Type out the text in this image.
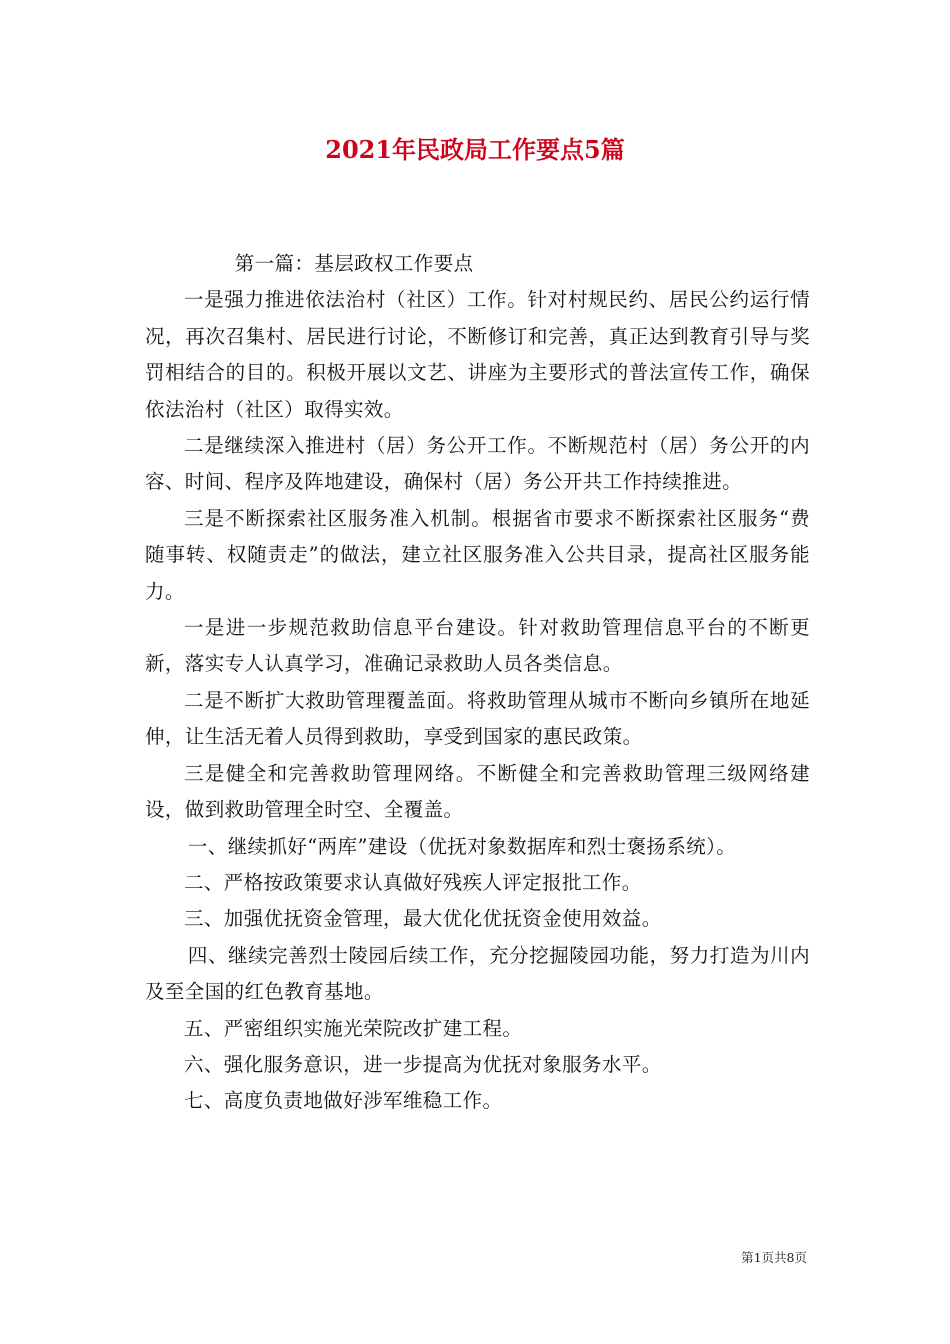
2021年民政局工作要点5篇

第一篇：基层政权工作要点

一是强力推进依法治村（社区）工作。针对村规民约、居民公约运行情况，再次召集村、居民进行讨论，不断修订和完善，真正达到教育引导与奖罚相结合的目的。积极开展以文艺、讲座为主要形式的普法宣传工作，确保依法治村（社区）取得实效。

二是继续深入推进村（居）务公开工作。不断规范村（居）务公开的内容、时间、程序及阵地建设，确保村（居）务公开共工作持续推进。

三是不断探索社区服务准入机制。根据省市要求不断探索社区服务“费随事转、权随责走”的做法，建立社区服务准入公共目录，提高社区服务能力。

一是进一步规范救助信息平台建设。针对救助管理信息平台的不断更新，落实专人认真学习，准确记录救助人员各类信息。

二是不断扩大救助管理覆盖面。将救助管理从城市不断向乡镇所在地延伸，让生活无着人员得到救助，享受到国家的惠民政策。

三是健全和完善救助管理网络。不断健全和完善救助管理三级网络建设，做到救助管理全时空、全覆盖。

一、继续抓好“两库”建设（优抚对象数据库和烈士褒扬系统）。

二、严格按政策要求认真做好残疾人评定报批工作。

三、加强优抚资金管理，最大优化优抚资金使用效益。

四、继续完善烈士陵园后续工作，充分挖掘陵园功能，努力打造为川内及至全国的红色教育基地。

五、严密组织实施光荣院改扩建工程。

六、强化服务意识，进一步提高为优抚对象服务水平。

七、高度负责地做好涉军维稳工作。

第1页共8页
